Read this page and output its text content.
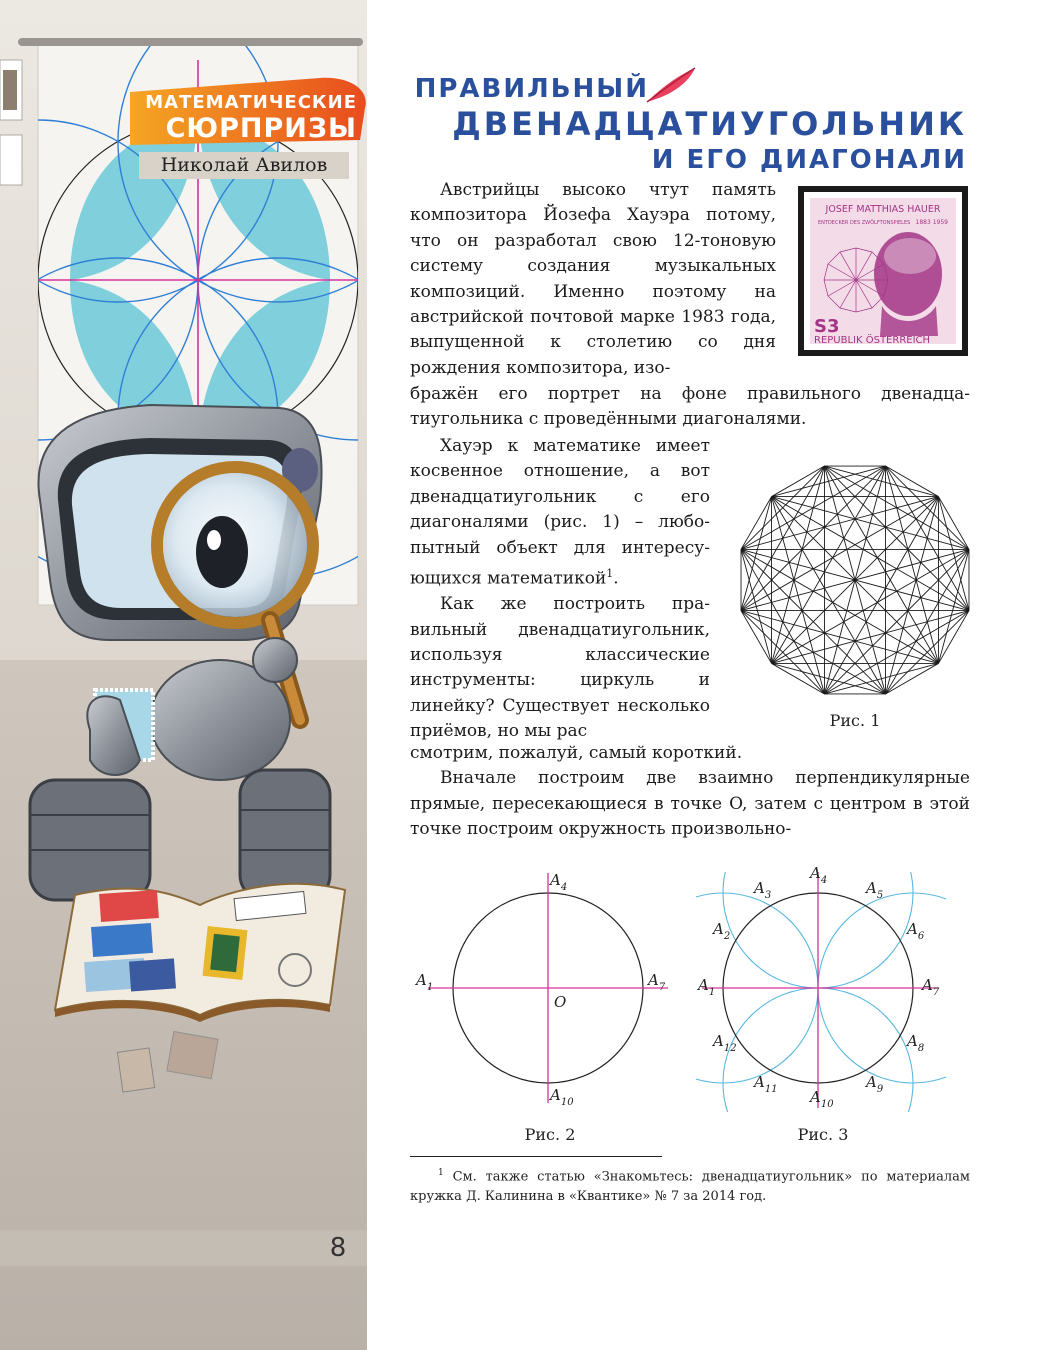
МАТЕМАТИЧЕСКИЕ
СЮРПРИЗЫ
Николай Авилов
8
ПРАВИЛЬНЫЙ
ДВЕНАДЦАТИУГОЛЬНИК
И ЕГО ДИАГОНАЛИ
JOSEF MATTHIAS HAUER
ENTDECKER DES ZWÖLFTONSPIELES 1883 1959
S3
REPUBLIK ÖSTERREICH

Австрийцы высоко чтут память композитора Йозефа Хауэра потому, что он разработал свою 12-тоновую систему создания музыкальных композиций. Именно поэтому на австрийской почтовой марке 1983 года, выпущенной к столетию со дня рождения композитора, изо-

бражён его портрет на фоне правильного двенадцатиугольника с проведёнными диагоналями.

Хауэр к математике имеет косвенное отношение, а вот двенадцатиугольник с его диагоналями (рис. 1) – любопытный объект для интересующихся математикой$^1$.

Как же построить правильный двенадцатиугольник, используя классические инструменты: циркуль и линейку? Существует несколько приёмов, но мы рас

смотрим, пожалуй, самый короткий.

Вначале построим две взаимно перпендикулярные прямые, пересекающиеся в точке O, затем с центром в этой точке построим окружность произвольно-

Рис. 1
$A_4$
$A_1$	$A_7$
$A_{10}$
O
Рис. 2
$A_1$
$A_2$
$A_3$
$A_4$	$A_5$
$A_6$
$A_7$
$A_8$
$A_9$
$A_{10}$
$A_{11}$
$A_{12}$
Рис. 3

$^1$ См. также статью «Знакомьтесь: двенадцатиугольник» по материалам кружка Д. Калинина в «Квантике» № 7 за 2014 год.
